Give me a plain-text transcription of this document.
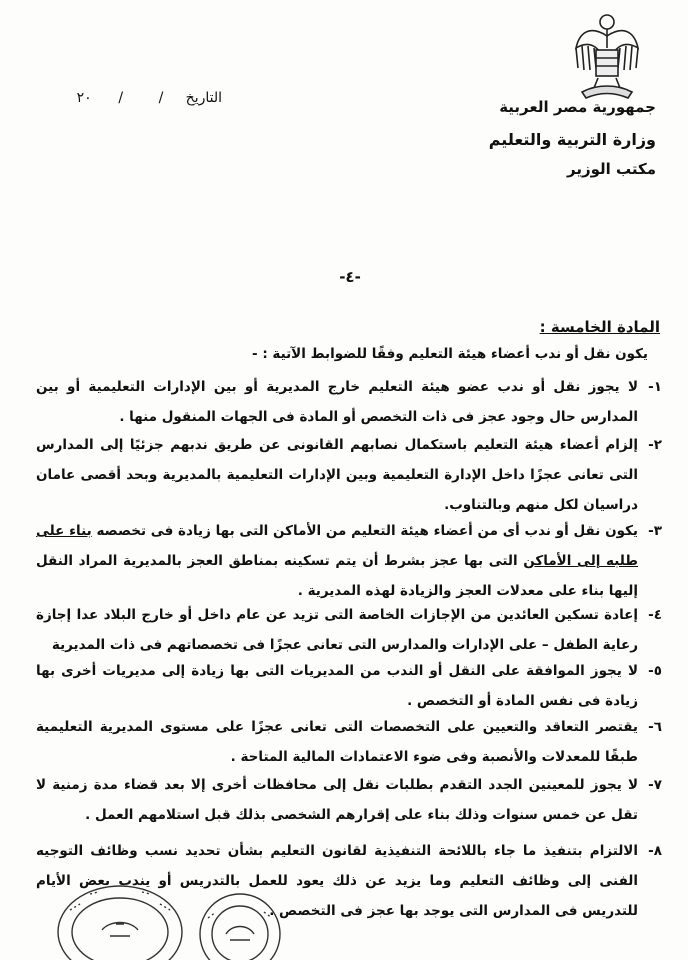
جمهورية مصر العربية
وزارة التربية والتعليم
مكتب الوزير
التاريخ     /        /      ٢٠
-٤-
المادة الخامسة :
يكون نقل أو ندب أعضاء هيئة التعليم وفقًا للضوابط الآتية : -
١-
لا يجوز نقل أو ندب عضو هيئة التعليم خارج المديرية أو بين الإدارات التعليمية أو بين المدارس حال وجود عجز فى ذات التخصص أو المادة فى الجهات المنقول منها .
٢-
إلزام أعضاء هيئة التعليم باستكمال نصابهم القانونى عن طريق ندبهم جزئيًا إلى المدارس التى تعانى عجزًا داخل الإدارة التعليمية وبين الإدارات التعليمية بالمديرية وبحد أقصى عامان دراسيان لكل منهم وبالتناوب.
٣-
يكون نقل أو ندب أى من أعضاء هيئة التعليم من الأماكن التى بها زيادة فى تخصصه بناء على طلبه إلى الأماكن التى بها عجز بشرط أن يتم تسكينه بمناطق العجز بالمديرية المراد النقل إليها بناء على معدلات العجز والزيادة لهذه المديرية .
٤-
إعادة تسكين العائدين من الإجازات الخاصة التى تزيد عن عام داخل أو خارج البلاد عدا إجازة رعاية الطفل – على الإدارات والمدارس التى تعانى عجزًا فى تخصصاتهم فى ذات المديرية
٥-
لا يجوز الموافقة على النقل أو الندب من المديريات التى بها زيادة إلى مديريات أخرى بها زيادة فى نفس المادة أو التخصص .
٦-
يقتصر التعاقد والتعيين على التخصصات التى تعانى عجزًا على مستوى المديرية التعليمية طبقًا للمعدلات والأنصبة وفى ضوء الاعتمادات المالية المتاحة .
٧-
لا يجوز للمعينين الجدد التقدم بطلبات نقل إلى محافظات أخرى إلا بعد قضاء مدة زمنية لا تقل عن خمس سنوات وذلك بناء على إقرارهم الشخصى بذلك قبل استلامهم العمل .
٨-
الالتزام بتنفيذ ما جاء باللائحة التنفيذية لقانون التعليم بشأن تحديد نسب وظائف التوجيه الفنى إلى وظائف التعليم وما يزيد عن ذلك يعود للعمل بالتدريس أو يندب بعض الأيام للتدريس فى المدارس التى يوجد بها عجز فى التخصص .
